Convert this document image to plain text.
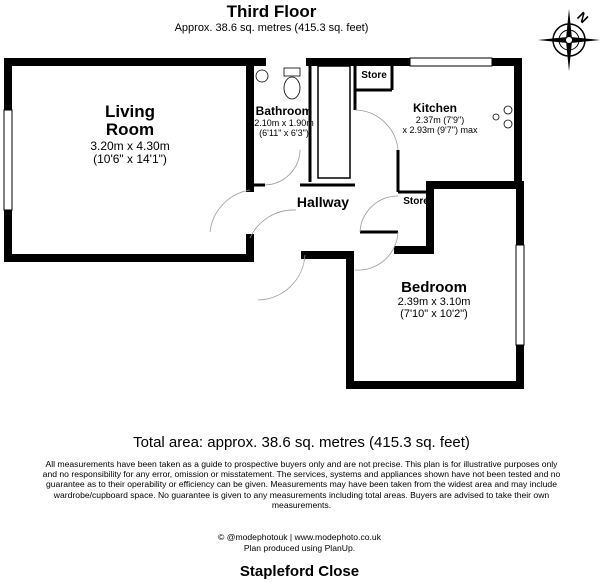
Third Floor
Approx. 38.6 sq. metres (415.3 sq. feet)
N
Living
Room
3.20m x 4.30m
(10'6" x 14'1")
Bathroom
2.10m x 1.90m
(6'11" x 6'3")
Store
Kitchen
2.37m (7'9")
x 2.93m (9'7") max
Hallway	Store
Bedroom
2.39m x 3.10m
(7'10" x 10'2")
Total area: approx. 38.6 sq. metres (415.3 sq. feet)
All measurements have been taken as a guide to prospective buyers only and are not precise. This plan is for illustrative purposes only and no responsibility for any error, omission or misstatement. The services, systems and appliances shown have not been tested and no guarantee as to their operability or efficiency can be given. Measurements may have been taken from the widest area and may include wardrobe/cupboard space. No guarantee is given to any measurements including total areas. Buyers are advised to take their own measurements.
© @modephotouk | www.modephoto.co.uk
Plan produced using PlanUp.
Stapleford Close
